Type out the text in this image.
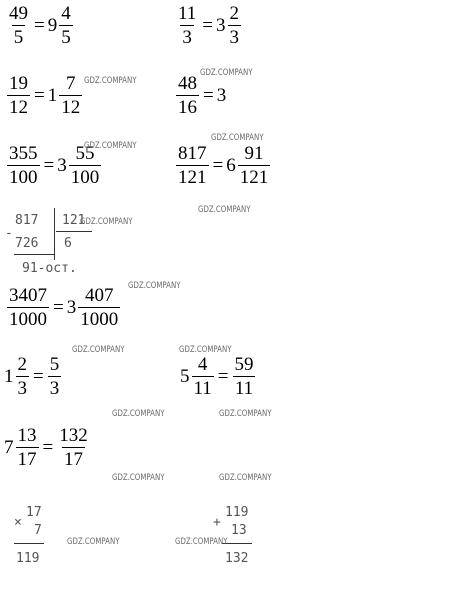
$\frac{49}{5} = 9 \frac{4}{5}$	$\frac{11}{3} = 3 \frac{2}{3}$
$\frac{19}{12} = 1 \frac{7}{12}$	$\frac{48}{16} = 3$
$\frac{355}{100} = 3 \frac{55}{100}$	$\frac{817}{121} = 6 \frac{91}{121}$
-
817 121
726 6
91-ост.
$\frac{3407}{1000} = 3 \frac{407}{1000}$
$1 \frac{2}{3} = \frac{5}{3}$	$5 \frac{4}{11} = \frac{59}{11}$
$7 \frac{13}{17} = \frac{132}{17}$
×
17
7
119
+
119
13
132
GDZ.COMPANY
GDZ.COMPANY
GDZ.COMPANY
GDZ.COMPANY
GDZ.COMPANY
GDZ.COMPANY
GDZ.COMPANY
GDZ.COMPANY	GDZ.COMPANY
GDZ.COMPANY	GDZ.COMPANY
GDZ.COMPANY	GDZ.COMPANY
GDZ.COMPANY	GDZ.COMPANY
